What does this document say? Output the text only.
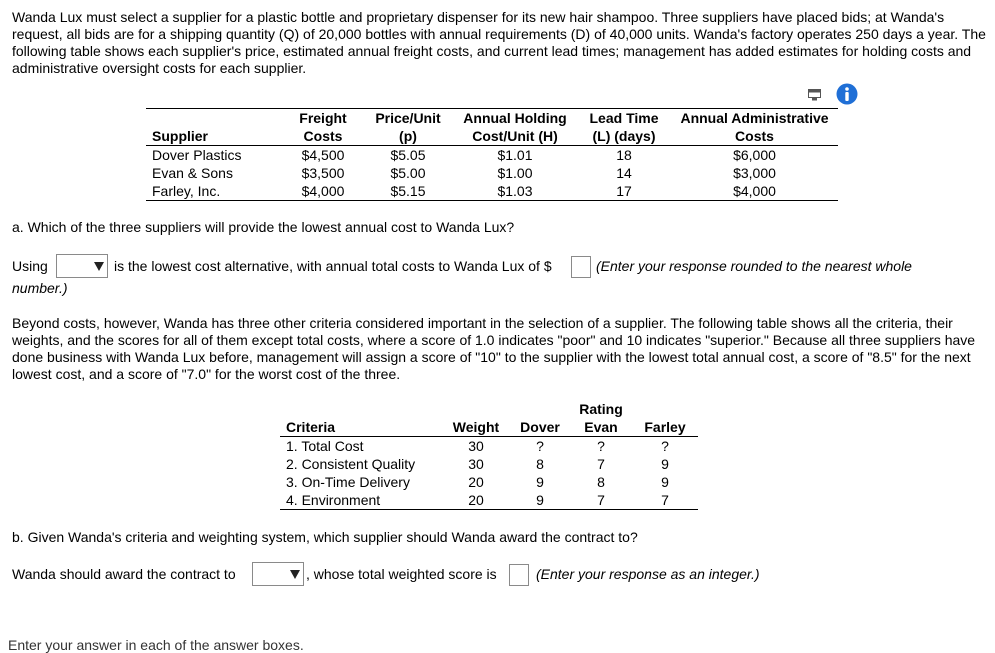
Wanda Lux must select a supplier for a plastic bottle and proprietary dispenser for its new hair shampoo. Three suppliers have placed bids; at Wanda's request, all bids are for a shipping quantity (Q) of 20,000 bottles with annual requirements (D) of 40,000 units. Wanda's factory operates 250 days a year. The following table shows each supplier's price, estimated annual freight costs, and current lead times; management has added estimates for holding costs and administrative oversight costs for each supplier.

	Freight	Price/Unit	Annual Holding	Lead Time	Annual Administrative
Supplier	Costs	(p)	Cost/Unit (H)	(L) (days)	Costs
Dover Plastics	$4,500	$5.05	$1.01	18	$6,000
Evan & Sons	$3,500	$5.00	$1.00	14	$3,000
Farley, Inc.	$4,000	$5.15	$1.03	17	$4,000
a. Which of the three suppliers will provide the lowest annual cost to Wanda Lux?
Using	is the lowest cost alternative, with annual total costs to Wanda Lux of $	(Enter your response rounded to the nearest whole
number.)

Beyond costs, however, Wanda has three other criteria considered important in the selection of a supplier. The following table shows all the criteria, their weights, and the scores for all of them except total costs, where a score of 1.0 indicates "poor" and 10 indicates "superior." Because all three suppliers have done business with Wanda Lux before, management will assign a score of "10" to the supplier with the lowest total annual cost, a score of "8.5" for the next lowest cost, and a score of "7.0" for the worst cost of the three.

			Rating	
Criteria	Weight	Dover	Evan	Farley
1. Total Cost	30	?	?	?
2. Consistent Quality	30	8	7	9
3. On-Time Delivery	20	9	8	9
4. Environment	20	9	7	7
b. Given Wanda's criteria and weighting system, which supplier should Wanda award the contract to?
Wanda should award the contract to	, whose total weighted score is	(Enter your response as an integer.)
Enter your answer in each of the answer boxes.
